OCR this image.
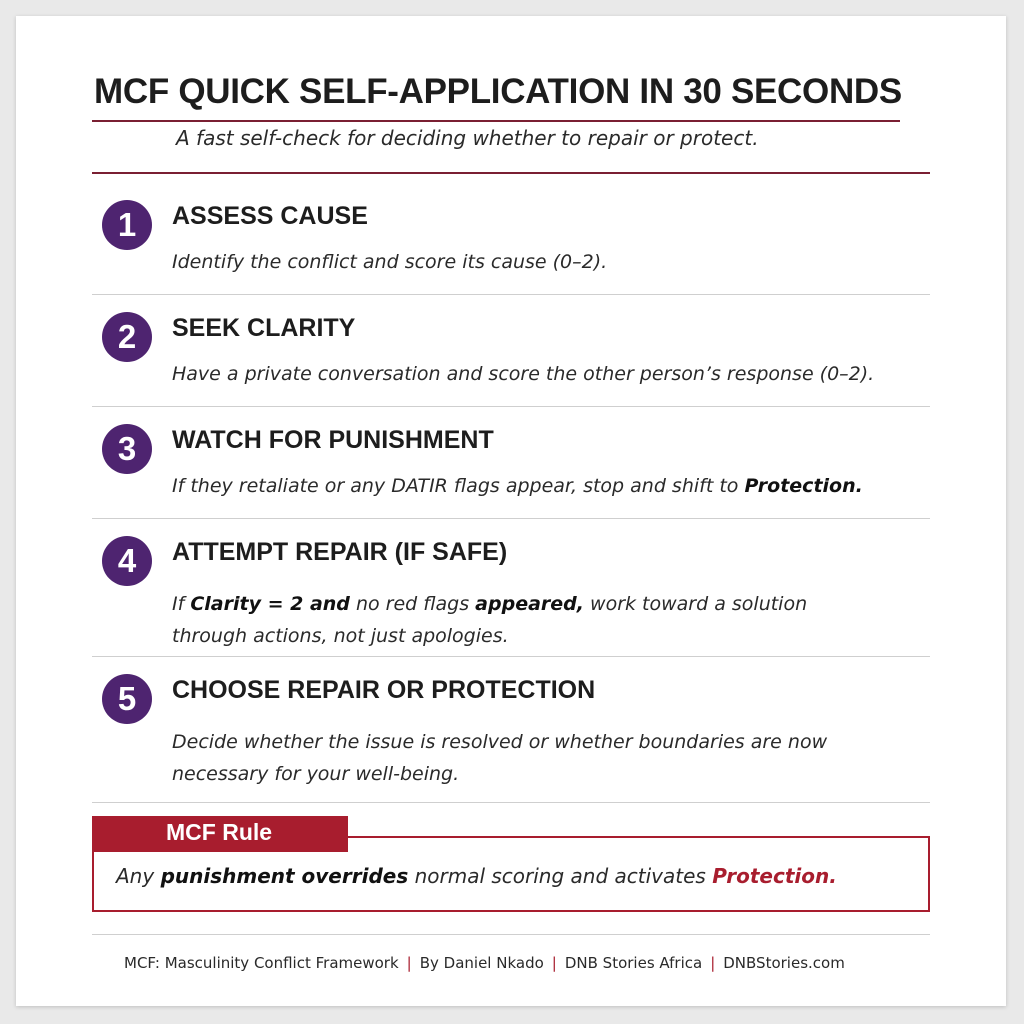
MCF QUICK SELF-APPLICATION IN 30 SECONDS
A fast self-check for deciding whether to repair or protect.
1	ASSESS CAUSE
Identify the conflict and score its cause (0–2).
2	SEEK CLARITY
Have a private conversation and score the other person’s response (0–2).
3	WATCH FOR PUNISHMENT
If they retaliate or any DATIR flags appear, stop and shift to Protection.
4	ATTEMPT REPAIR (IF SAFE)
If Clarity = 2 and no red flags appeared, work toward a solution through actions, not just apologies.
5	CHOOSE REPAIR OR PROTECTION
Decide whether the issue is resolved or whether boundaries are now necessary for your well-being.
MCF Rule
Any punishment overrides normal scoring and activates Protection.
MCF: Masculinity Conflict Framework | By Daniel Nkado | DNB Stories Africa | DNBStories.com
